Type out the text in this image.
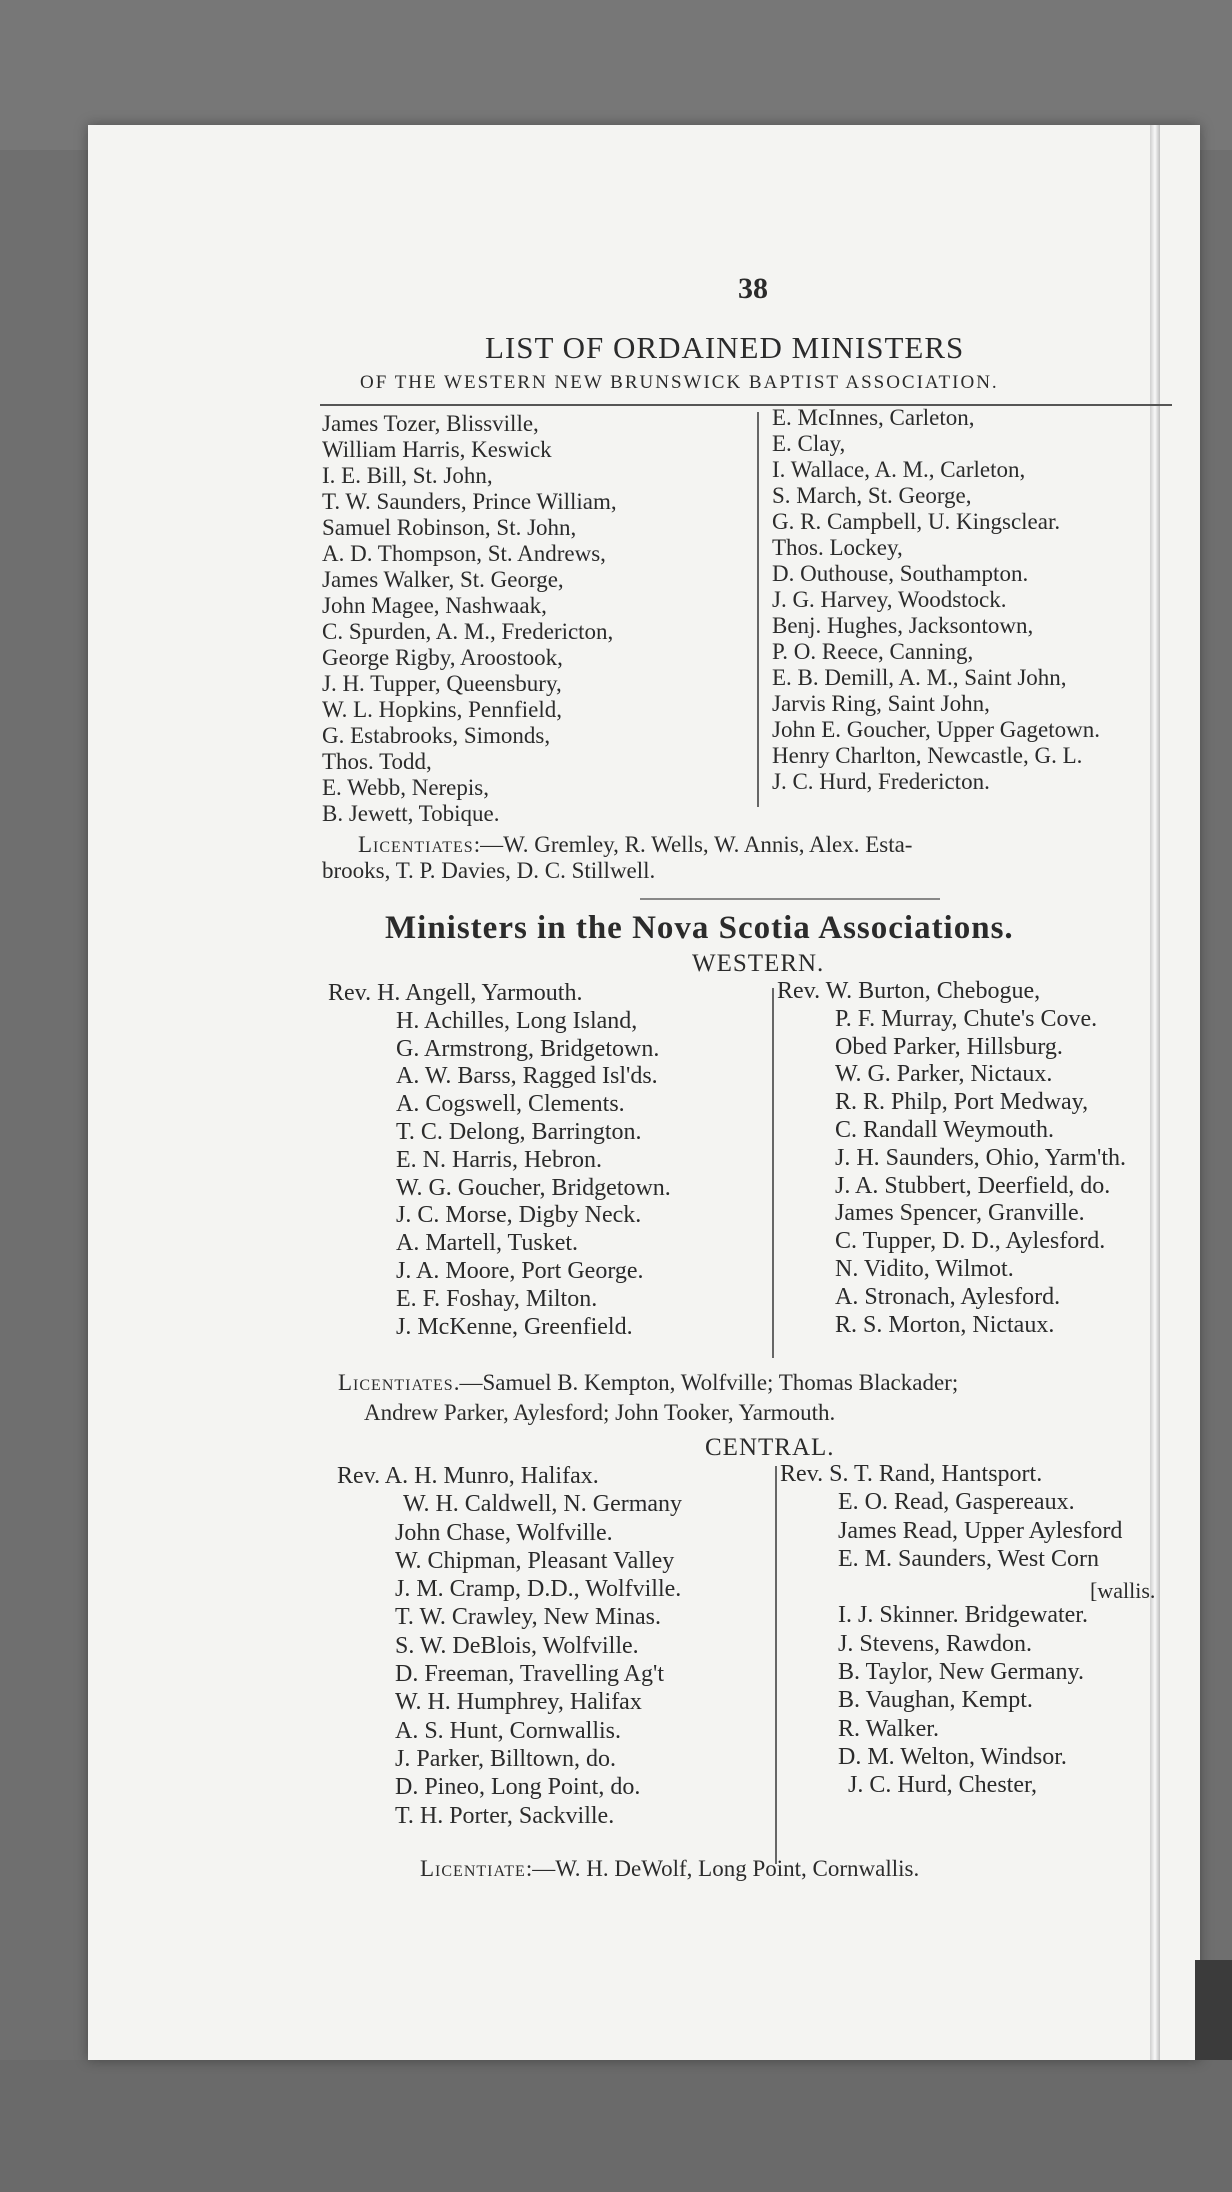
38
LIST OF ORDAINED MINISTERS
OF THE WESTERN NEW BRUNSWICK BAPTIST ASSOCIATION.
James Tozer, Blissville,
William Harris, Keswick
I. E. Bill, St. John,
T. W. Saunders, Prince William,
Samuel Robinson, St. John,
A. D. Thompson, St. Andrews,
James Walker, St. George,
John Magee, Nashwaak,
C. Spurden, A. M., Fredericton,
George Rigby, Aroostook,
J. H. Tupper, Queensbury,
W. L. Hopkins, Pennfield,
G. Estabrooks, Simonds,
Thos. Todd,
E. Webb, Nerepis,
B. Jewett, Tobique.
E. McInnes, Carleton,
E. Clay,
I. Wallace, A. M., Carleton,
S. March, St. George,
G. R. Campbell, U. Kingsclear.
Thos. Lockey,
D. Outhouse, Southampton.
J. G. Harvey, Woodstock.
Benj. Hughes, Jacksontown,
P. O. Reece, Canning,
E. B. Demill, A. M., Saint John,
Jarvis Ring, Saint John,
John E. Goucher, Upper Gagetown.
Henry Charlton, Newcastle, G. L.
J. C. Hurd, Fredericton.
Licentiates:—W. Gremley, R. Wells, W. Annis, Alex. Esta-
brooks, T. P. Davies, D. C. Stillwell.
Ministers in the Nova Scotia Associations.
WESTERN.
Rev. H. Angell, Yarmouth.
H. Achilles, Long Island,
G. Armstrong, Bridgetown.
A. W. Barss, Ragged Isl'ds.
A. Cogswell, Clements.
T. C. Delong, Barrington.
E. N. Harris, Hebron.
W. G. Goucher, Bridgetown.
J. C. Morse, Digby Neck.
A. Martell, Tusket.
J. A. Moore, Port George.
E. F. Foshay, Milton.
J. McKenne, Greenfield.
Rev. W. Burton, Chebogue,
P. F. Murray, Chute's Cove.
Obed Parker, Hillsburg.
W. G. Parker, Nictaux.
R. R. Philp, Port Medway,
C. Randall Weymouth.
J. H. Saunders, Ohio, Yarm'th.
J. A. Stubbert, Deerfield, do.
James Spencer, Granville.
C. Tupper, D. D., Aylesford.
N. Vidito, Wilmot.
A. Stronach, Aylesford.
R. S. Morton, Nictaux.
Licentiates.—Samuel B. Kempton, Wolfville; Thomas Blackader;
Andrew Parker, Aylesford; John Tooker, Yarmouth.
CENTRAL.
Rev. A. H. Munro, Halifax.
W. H. Caldwell, N. Germany
John Chase, Wolfville.
W. Chipman, Pleasant Valley
J. M. Cramp, D.D., Wolfville.
T. W. Crawley, New Minas.
S. W. DeBlois, Wolfville.
D. Freeman, Travelling Ag't
W. H. Humphrey, Halifax
A. S. Hunt, Cornwallis.
J. Parker, Billtown, do.
D. Pineo, Long Point, do.
T. H. Porter, Sackville.
Rev. S. T. Rand, Hantsport.
E. O. Read, Gaspereaux.
James Read, Upper Aylesford
E. M. Saunders, West Corn
I. J. Skinner. Bridgewater.
J. Stevens, Rawdon.
B. Taylor, New Germany.
B. Vaughan, Kempt.
R. Walker.
D. M. Welton, Windsor.
J. C. Hurd, Chester,
[wallis.
Licentiate:—W. H. DeWolf, Long Point, Cornwallis.
